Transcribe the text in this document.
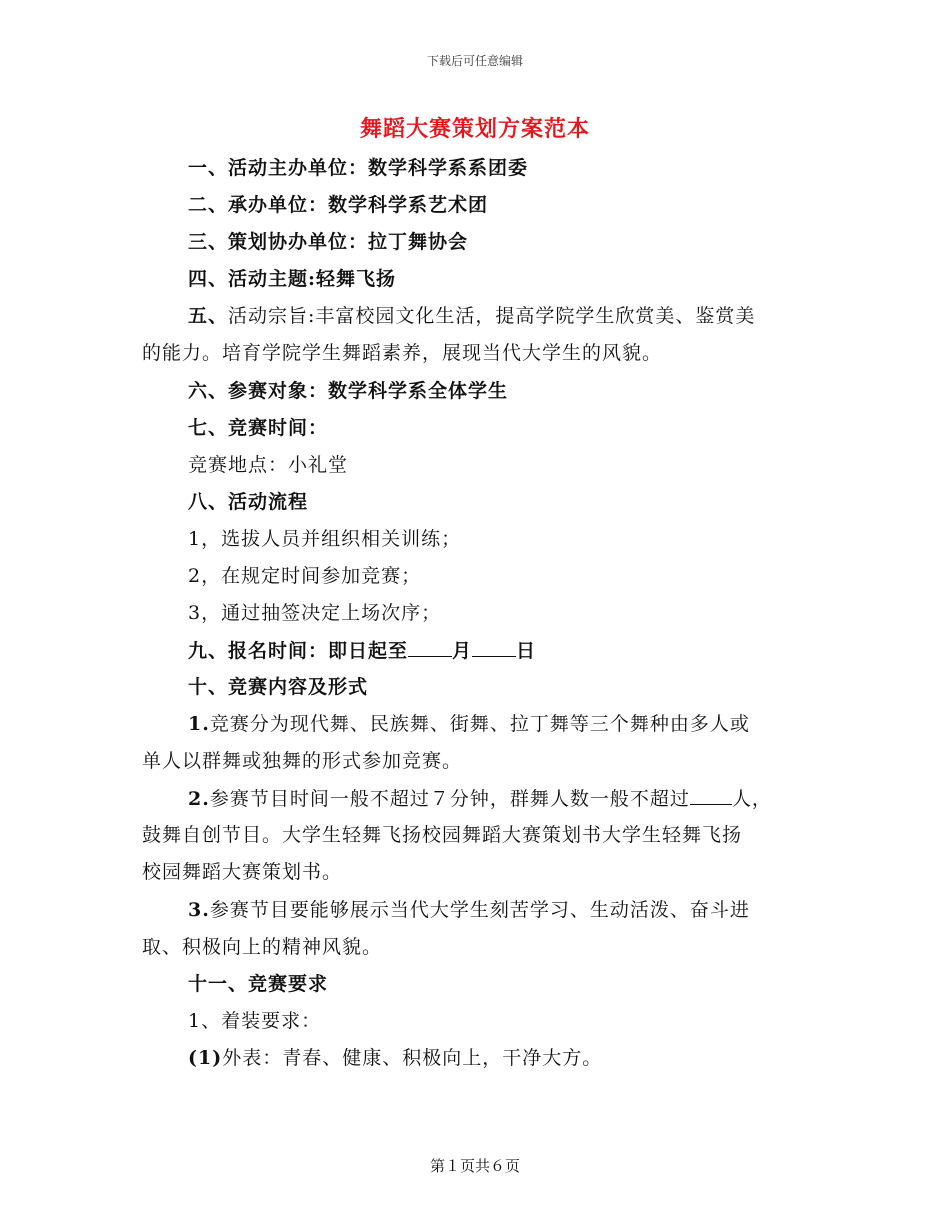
下载后可任意编辑
舞蹈大赛策划方案范本
一、活动主办单位：数学科学系系团委
二、承办单位：数学科学系艺术团
三、策划协办单位：拉丁舞协会
四、活动主题:轻舞飞扬
五、活动宗旨:丰富校园文化生活，提高学院学生欣赏美、鉴赏美
的能力。培育学院学生舞蹈素养，展现当代大学生的风貌。
六、参赛对象：数学科学系全体学生
七、竞赛时间：
竞赛地点：小礼堂
八、活动流程
1，选拔人员并组织相关训练；
2，在规定时间参加竞赛；
3，通过抽签决定上场次序；
九、报名时间：即日起至 月 日
十、竞赛内容及形式
1.竞赛分为现代舞、民族舞、街舞、拉丁舞等三个舞种由多人或
单人以群舞或独舞的形式参加竞赛。
2.参赛节目时间一般不超过７分钟，群舞人数一般不超过 人，
鼓舞自创节目。大学生轻舞飞扬校园舞蹈大赛策划书大学生轻舞飞扬
校园舞蹈大赛策划书。
3.参赛节目要能够展示当代大学生刻苦学习、生动活泼、奋斗进
取、积极向上的精神风貌。
十一、竞赛要求
1、着装要求：
(1)外表：青春、健康、积极向上，干净大方。
第１页共６页
